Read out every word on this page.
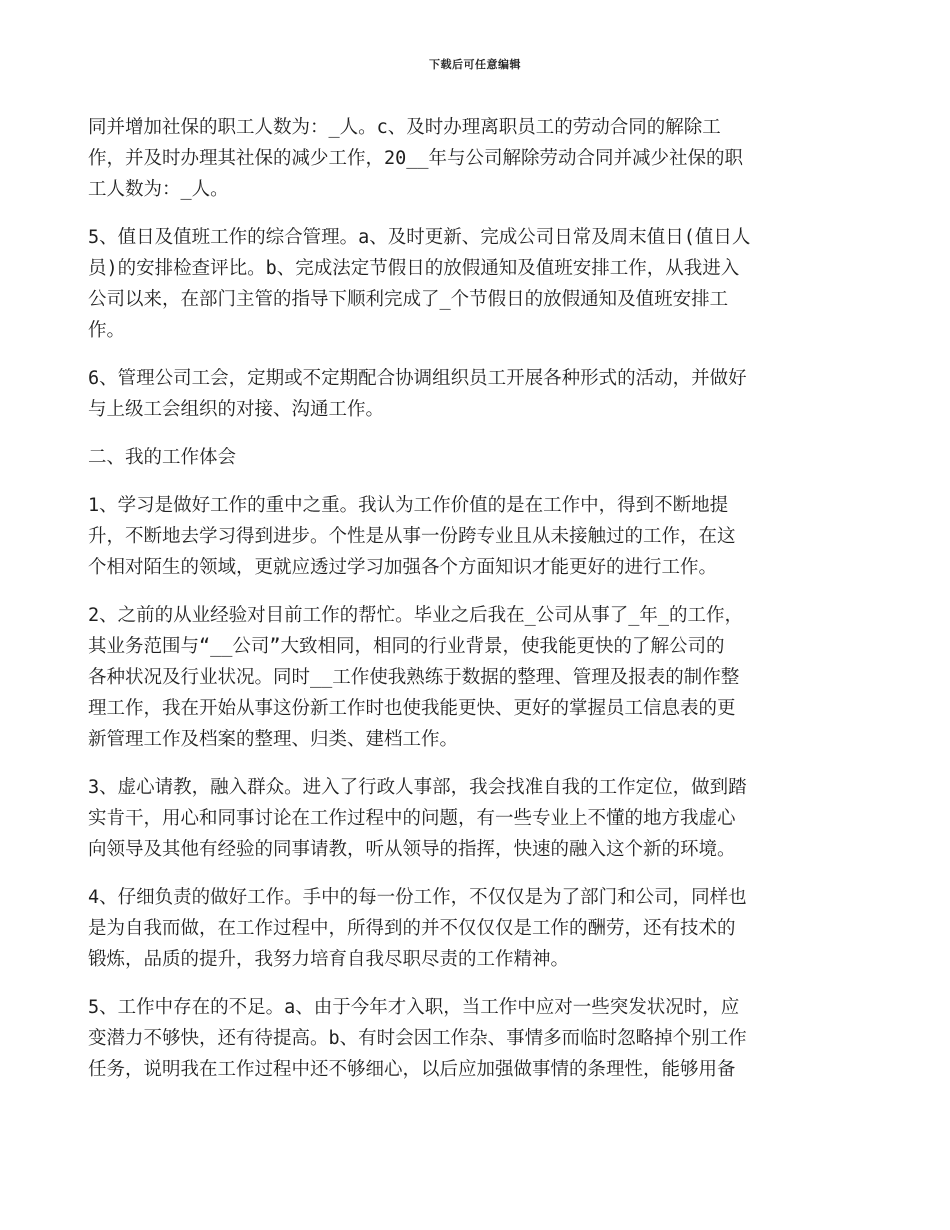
下载后可任意编辑
同并增加社保的职工人数为：_人。c、及时办理离职员工的劳动合同的解除工
作，并及时办理其社保的减少工作，20__年与公司解除劳动合同并减少社保的职
工人数为：_人。
5、值日及值班工作的综合管理。a、及时更新、完成公司日常及周末值日(值日人
员)的安排检查评比。b、完成法定节假日的放假通知及值班安排工作，从我进入
公司以来，在部门主管的指导下顺利完成了_个节假日的放假通知及值班安排工
作。
6、管理公司工会，定期或不定期配合协调组织员工开展各种形式的活动，并做好
与上级工会组织的对接、沟通工作。
二、我的工作体会
1、学习是做好工作的重中之重。我认为工作价值的是在工作中，得到不断地提
升，不断地去学习得到进步。个性是从事一份跨专业且从未接触过的工作，在这
个相对陌生的领域，更就应透过学习加强各个方面知识才能更好的进行工作。
2、之前的从业经验对目前工作的帮忙。毕业之后我在_公司从事了_年_的工作，
其业务范围与“__公司”大致相同，相同的行业背景，使我能更快的了解公司的
各种状况及行业状况。同时__工作使我熟练于数据的整理、管理及报表的制作整
理工作，我在开始从事这份新工作时也使我能更快、更好的掌握员工信息表的更
新管理工作及档案的整理、归类、建档工作。
3、虚心请教，融入群众。进入了行政人事部，我会找准自我的工作定位，做到踏
实肯干，用心和同事讨论在工作过程中的问题，有一些专业上不懂的地方我虚心
向领导及其他有经验的同事请教，听从领导的指挥，快速的融入这个新的环境。
4、仔细负责的做好工作。手中的每一份工作，不仅仅是为了部门和公司，同样也
是为自我而做，在工作过程中，所得到的并不仅仅仅是工作的酬劳，还有技术的
锻炼，品质的提升，我努力培育自我尽职尽责的工作精神。
5、工作中存在的不足。a、由于今年才入职，当工作中应对一些突发状况时，应
变潜力不够快，还有待提高。b、有时会因工作杂、事情多而临时忽略掉个别工作
任务，说明我在工作过程中还不够细心，以后应加强做事情的条理性，能够用备
